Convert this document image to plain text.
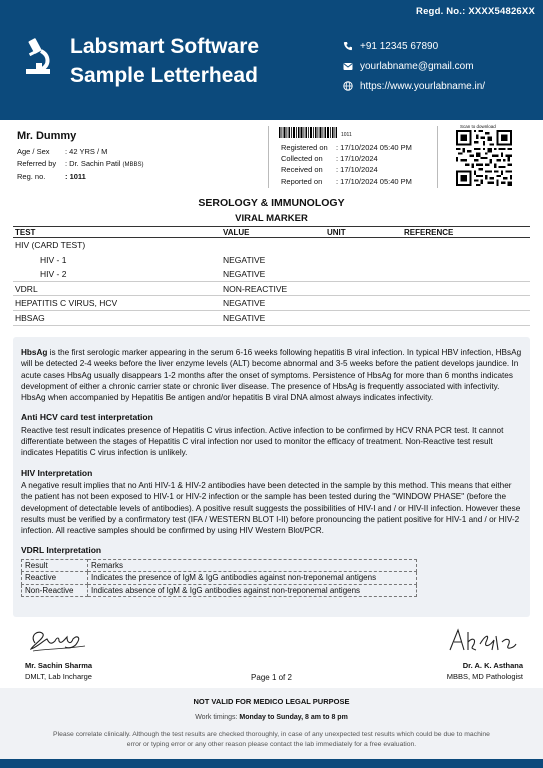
Regd. No.: XXXX54826XX
Labsmart Software
Sample Letterhead
+91 12345 67890
yourlabname@gmail.com
https://www.yourlabname.in/
Mr. Dummy
Age / Sex	: 42 YRS / M
Referred by	: Dr. Sachin Patil (MBBS)
Reg. no.	: 1011
1011
Registered on	: 17/10/2024 05:40 PM
Collected on	: 17/10/2024
Received on	: 17/10/2024
Reported on	: 17/10/2024 05:40 PM
Scan to download
SEROLOGY & IMMUNOLOGY
VIRAL MARKER
TEST	VALUE	UNIT	REFERENCE
HIV (CARD TEST)
HIV - 1	NEGATIVE
HIV - 2	NEGATIVE
VDRL	NON-REACTIVE
HEPATITIS C VIRUS, HCV	NEGATIVE
HBSAG	NEGATIVE

HbsAg is the first serologic marker appearing in the serum 6-16 weeks following hepatitis B viral infection. In typical HBV infection, HBsAg will be detected 2-4 weeks before the liver enzyme levels (ALT) become abnormal and 3-5 weeks before the patient develops jaundice. In acute cases HbsAg usually disappears 1-2 months after the onset of symptoms. Persistence of HbsAg for more than 6 months indicates development of either a chronic carrier state or chronic liver disease. The presence of HbsAg is frequently associated with infectivity. HbsAg when accompanied by Hepatitis Be antigen and/or hepatitis B viral DNA almost always indicates infectivity.

Anti HCV card test interpretation

Reactive test result indicates presence of Hepatitis C virus infection. Active infection to be confirmed by HCV RNA PCR test. It cannot differentiate between the stages of Hepatitis C viral infection nor used to monitor the efficacy of treatment. Non-Reactive test result indicates Hepatitis C virus infection is unlikely.

HIV Interpretation

A negative result implies that no Anti HIV-1 & HIV-2 antibodies have been detected in the sample by this method. This means that either the patient has not been exposed to HIV-1 or HIV-2 infection or the sample has been tested during the "WINDOW PHASE" (before the development of detectable levels of antibodies). A positive result suggests the possibilities of HIV-I and / or HIV-II infection. However these results must be verified by a confirmatory test (IFA / WESTERN BLOT I-II) before pronouncing the patient positive for HIV-1 and / or HIV-2 infection. All reactive samples should be confirmed by using HIV Western Blot/PCR.

VDRL Interpretation
Result	Remarks
Reactive	Indicates the presence of IgM & IgG antibodies against non-treponemal antigens
Non-Reactive	Indicates absence of IgM & IgG antibodies against non-treponemal antigens
Mr. Sachin Sharma
DMLT, Lab Incharge	Page 1 of 2
Dr. A. K. Asthana
MBBS, MD Pathologist
NOT VALID FOR MEDICO LEGAL PURPOSE
Work timings: Monday to Sunday, 8 am to 8 pm
Please correlate clinically. Although the test results are checked thoroughly, in case of any unexpected test results which could be due to machine error or typing error or any other reason please contact the lab immediately for a free evaluation.
